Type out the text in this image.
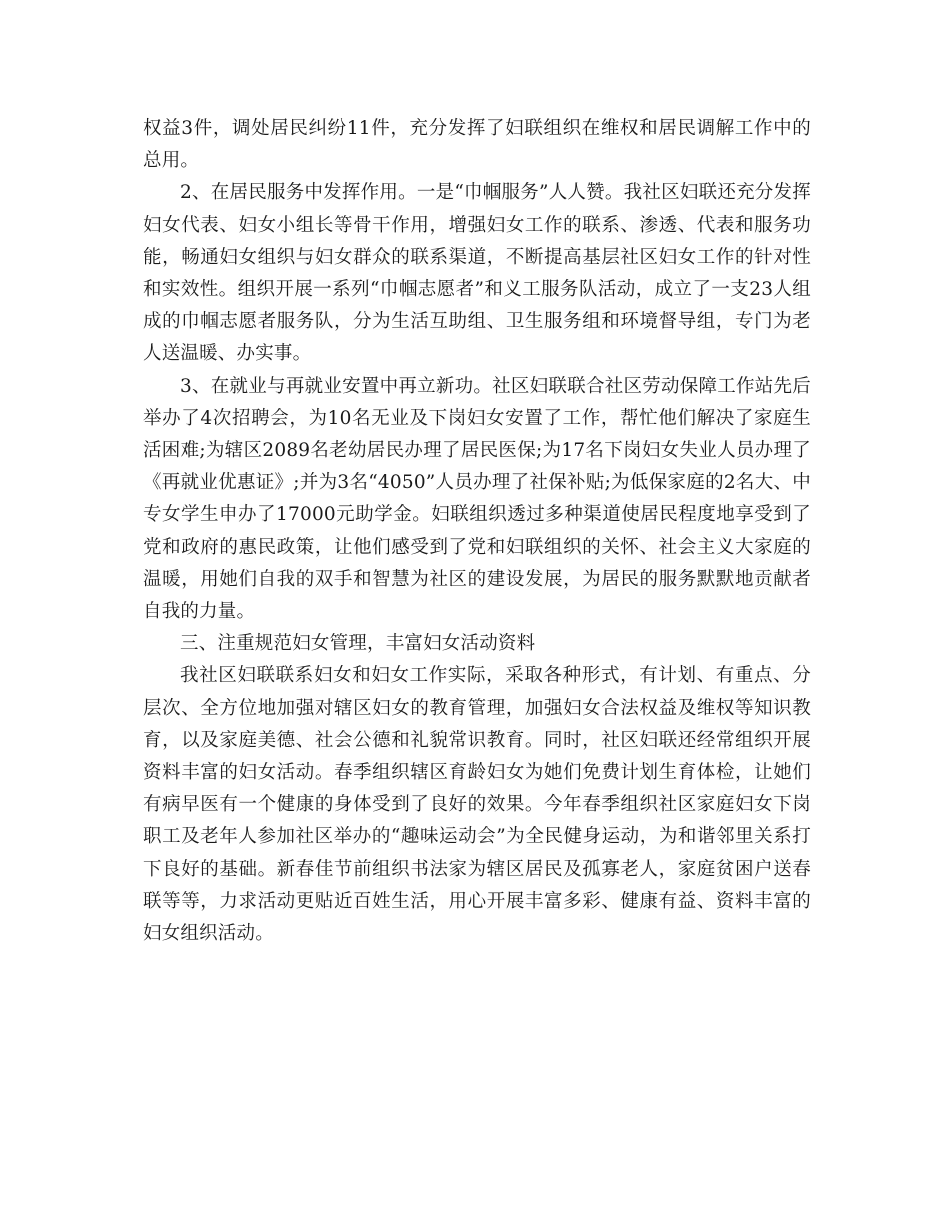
权益3件，调处居民纠纷11件，充分发挥了妇联组织在维权和居民调解工作中的总用。

2、在居民服务中发挥作用。一是“巾帼服务”人人赞。我社区妇联还充分发挥妇女代表、妇女小组长等骨干作用，增强妇女工作的联系、渗透、代表和服务功能，畅通妇女组织与妇女群众的联系渠道，不断提高基层社区妇女工作的针对性和实效性。组织开展一系列“巾帼志愿者”和义工服务队活动，成立了一支23人组成的巾帼志愿者服务队，分为生活互助组、卫生服务组和环境督导组，专门为老人送温暖、办实事。

3、在就业与再就业安置中再立新功。社区妇联联合社区劳动保障工作站先后举办了4次招聘会，为10名无业及下岗妇女安置了工作，帮忙他们解决了家庭生活困难;为辖区2089名老幼居民办理了居民医保;为17名下岗妇女失业人员办理了《再就业优惠证》;并为3名“4050”人员办理了社保补贴;为低保家庭的2名大、中专女学生申办了17000元助学金。妇联组织透过多种渠道使居民程度地享受到了党和政府的惠民政策，让他们感受到了党和妇联组织的关怀、社会主义大家庭的温暖，用她们自我的双手和智慧为社区的建设发展，为居民的服务默默地贡献者自我的力量。

三、注重规范妇女管理，丰富妇女活动资料

我社区妇联联系妇女和妇女工作实际，采取各种形式，有计划、有重点、分层次、全方位地加强对辖区妇女的教育管理，加强妇女合法权益及维权等知识教育，以及家庭美德、社会公德和礼貌常识教育。同时，社区妇联还经常组织开展资料丰富的妇女活动。春季组织辖区育龄妇女为她们免费计划生育体检，让她们有病早医有一个健康的身体受到了良好的效果。今年春季组织社区家庭妇女下岗职工及老年人参加社区举办的“趣味运动会”为全民健身运动，为和谐邻里关系打下良好的基础。新春佳节前组织书法家为辖区居民及孤寡老人，家庭贫困户送春联等等，力求活动更贴近百姓生活，用心开展丰富多彩、健康有益、资料丰富的妇女组织活动。
